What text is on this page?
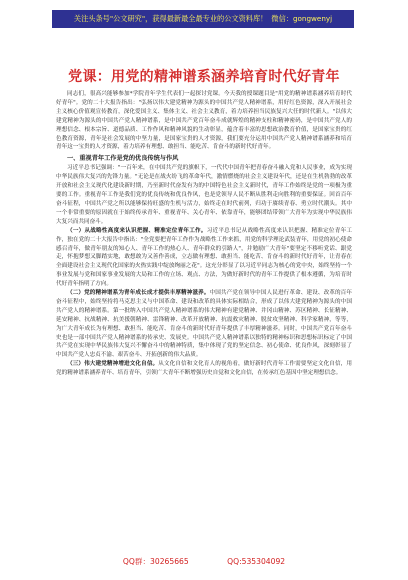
关注头条号"公文研究"，获得最新最全最专业的公文资料库！ 微信：gongwenyj
党课：用党的精神谱系涵养培育时代好青年

同志们，很高兴能够参加*学院青年学生代表们一起探讨党课。今天我的授课题目是"用党的精神谱系涵养培育时代好青年"。党的二十大报告指出："弘扬以伟大建党精神为源头的中国共产党人精神谱系，用好红色资源，深入开展社会主义核心价值观宣传教育，深化爱国主义、集体主义、社会主义教育，着力培养担当民族复兴大任的时代新人。"以伟大建党精神为源头的中国共产党人精神谱系，是中国共产党百年奋斗成就辉煌的精神支柱和精神密码，是中国共产党人的理想信念、根本宗旨、道德品质、工作作风和精神风貌的生动彰显，蕴含着丰富的思想政治教育价值，是国家宝贵的红色教育资源，青年是社会发展的中坚力量，是国家宝贵的人才资源，我们要充分运用中国共产党人精神谱系涵养和培育青年这一宝贵的人才资源，着力培养有理想、敢担当、能吃苦、肯奋斗的新时代好青年。

一、重视青年工作是党的优良传统与作风

习近平总书记强调："一百年来，在中国共产党的旗帜下，一代代中国青年把青春奋斗融入党和人民事业，成为实现中华民族伟大复兴的先锋力量。"无论是在战火纷飞的革命年代，激情燃烧的社会主义建设年代，还是在生机勃勃的改革开放和社会主义现代化建设新时期，乃至新时代奋发有为的中国特色社会主义新时代，青年工作始终是党的一项极为重要的工作。重视青年工作是我们党的优良传统和优良作风，也是党领导人民不断从胜利走向胜利的重要保证。回首百年奋斗征程，中国共产党之所以能够保持旺盛的生机与活力，始终走在时代前列，归功于赓续青春、勇立时代潮头。其中一个非常重要的原因就在于始终传承青年、重视青年、关心青年、依靠青年，能够团结带领广大青年为实现中华民族伟大复兴而共同奋斗。

（一）从战略性高度来认识把握、精准定位青年工作。习近平总书记从战略性高度来认识把握、精准定位青年工作，独在党的二十大报告中指出："全党要把青年工作作为战略性工作来抓，用党的科学理论武装青年，用党的初心使命感召青年，做青年朋友的知心人、青年工作的热心人、青年群众的引路人"，并勉励广大青年"要坚定不移听党话、跟党走，怀抱梦想又脚踏实地，敢想敢为又善作善成，立志做有理想、敢担当、能吃苦、肯奋斗的新时代好青年，让青春在全面建设社会主义现代化国家的火热实践中绽放绚丽之花"。这充分彰显了以习近平同志为核心的党中央，始终坚持一个事业发展与党和国家事业发展的大局和工作的立场、观点、方法，为做好新时代的青年工作提供了根本遵循，为培育时代好青年指明了方向。

（二）党的精神谱系为青年成长成才提供丰厚精神滋养。中国共产党在领导中国人民进行革命、建设、改革的百年奋斗征程中，始终坚持将马克思主义与中国革命、建设和改革的具体实际相结合，形成了以伟大建党精神为源头的中国共产党人的精神谱系。第一批纳入中国共产党人精神谱系的伟大精神有建党精神、井冈山精神、苏区精神、长征精神、延安精神、抗战精神、抗美援朝精神、雷锋精神、改革开放精神、抗震救灾精神、脱贫攻坚精神、科学家精神，等等，为广大青年成长为有理想、敢担当、能吃苦、肯奋斗的新时代好青年提供了丰厚精神滋养。同时，中国共产党百年奋斗史也是一部中国共产党人精神谱系的传承史、发展史。中国共产党人精神谱系以独特的精神标识和思想标识标定了中国共产党在实现中华民族伟大复兴不懈奋斗中的精神特质，集中体现了党的坚定信念、初心使命、优良作风，深刻彰显了中国共产党人忠贞不渝、艰苦奋斗、开拓创新的伟大品质。

（三）伟大建党精神增进文化自信。从文化自信和文化育人的视角看，做好新时代青年工作需要坚定文化自信，用党的精神谱系涵养青年、培育青年，引领广大青年不断增强历史自觉和文化自信，在传承红色基因中坚定理想信念。

QQ群：30265665	QQ:535304092
